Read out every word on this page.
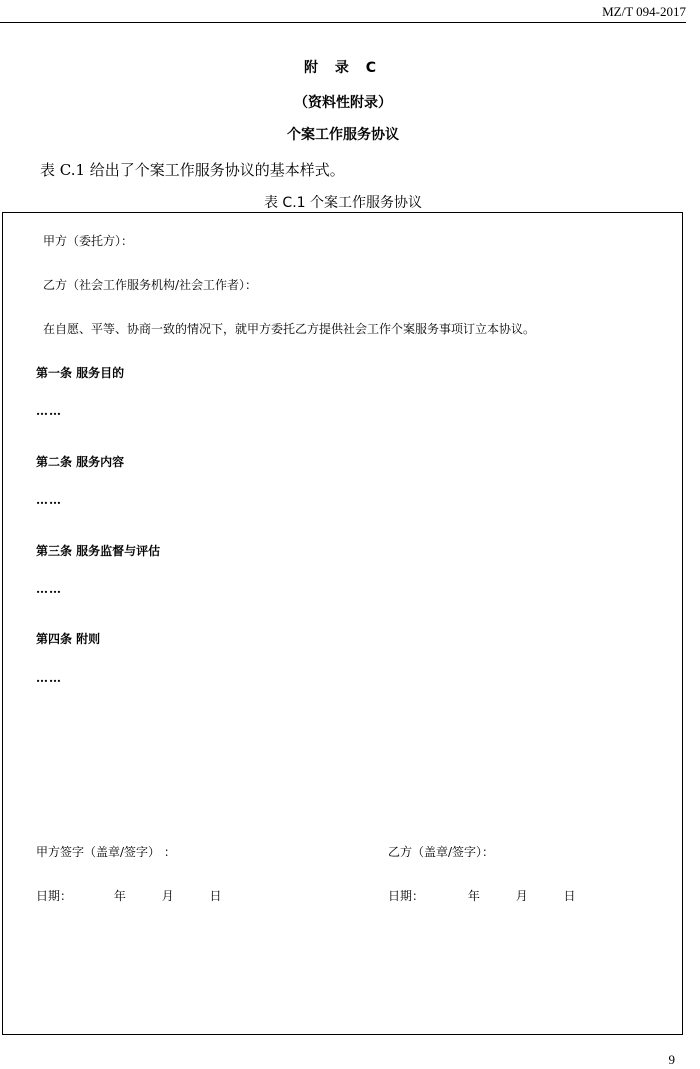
MZ/T 094-2017
附 录 C
（资料性附录）
个案工作服务协议
表 C.1 给出了个案工作服务协议的基本样式。
表 C.1 个案工作服务协议
甲方（委托方）：
乙方（社会工作服务机构/社会工作者）：
在自愿、平等、协商一致的情况下，就甲方委托乙方提供社会工作个案服务事项订立本协议。
第一条 服务目的
……
第二条 服务内容
……
第三条 服务监督与评估
……
第四条 附则
……
甲方签字（盖章/签字） ：	乙方（盖章/签字）：
日期：	年	月	日	日期：	年	月	日
9
